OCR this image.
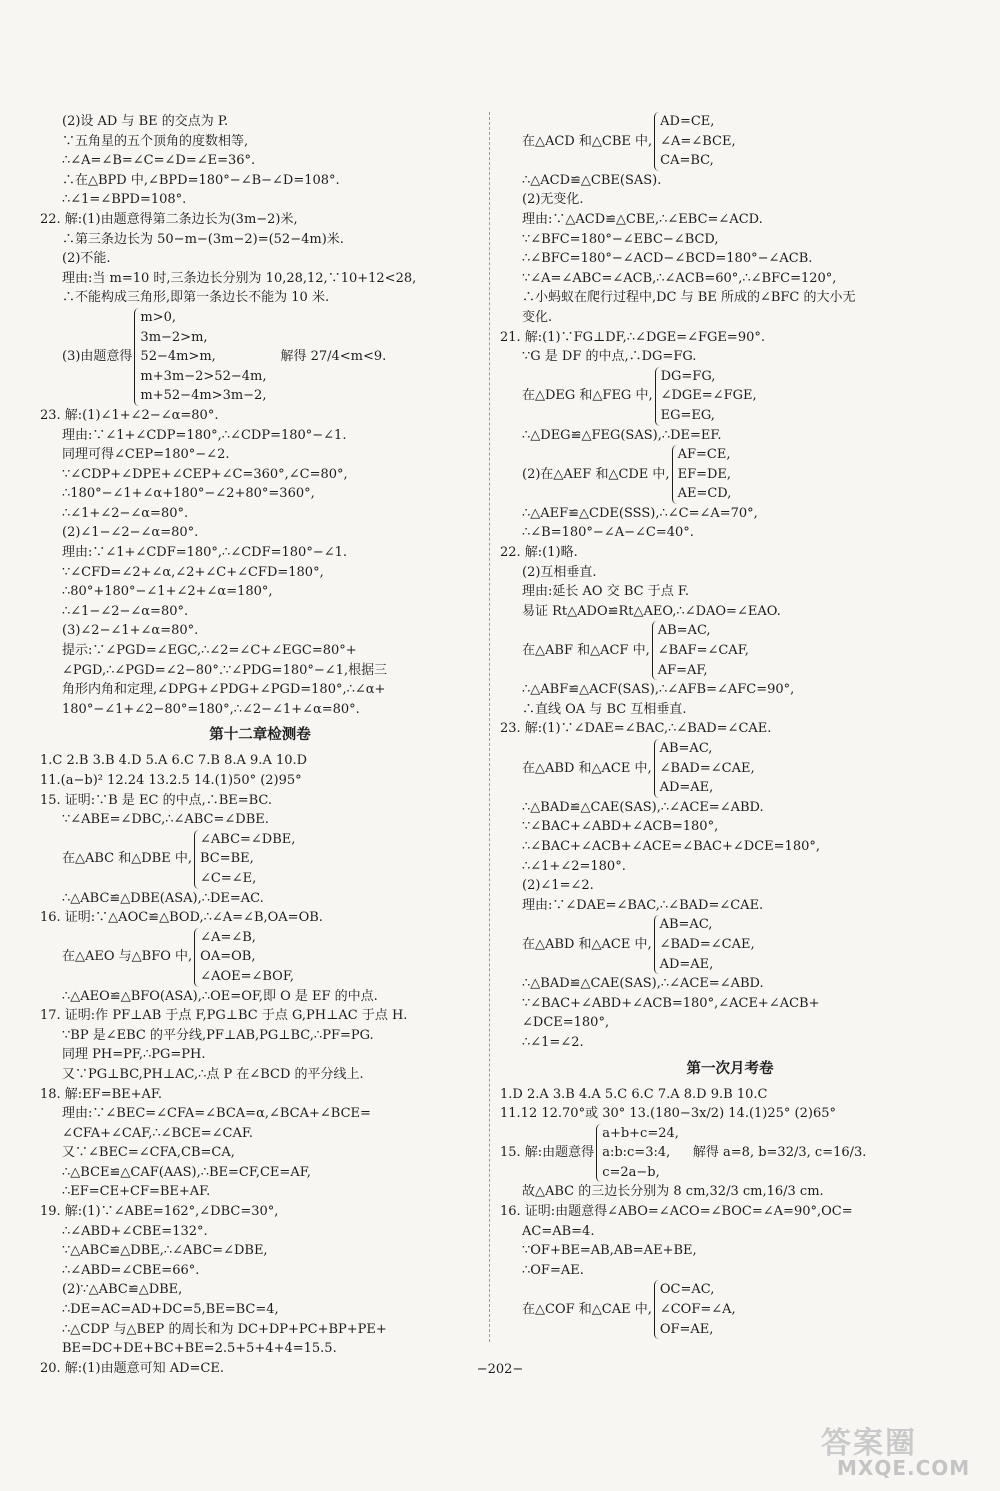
(2)设 AD 与 BE 的交点为 P.
∵五角星的五个顶角的度数相等,
∴∠A=∠B=∠C=∠D=∠E=36°.
∴在△BPD 中,∠BPD=180°−∠B−∠D=108°.
∴∠1=∠BPD=108°.
22. 解:(1)由题意得第二条边长为(3m−2)米,
∴第三条边长为 50−m−(3m−2)=(52−4m)米.
(2)不能.
理由:当 m=10 时,三条边长分别为 10,28,12,∵10+12<28,
∴不能构成三角形,即第一条边长不能为 10 米.
(3)由题意得
m>0,
3m−2>m,
52−4m>m,
m+3m−2>52−4m,
m+52−4m>3m−2,
解得 27/4<m<9.
23. 解:(1)∠1+∠2−∠α=80°.
理由:∵∠1+∠CDP=180°,∴∠CDP=180°−∠1.
同理可得∠CEP=180°−∠2.
∵∠CDP+∠DPE+∠CEP+∠C=360°,∠C=80°,
∴180°−∠1+∠α+180°−∠2+80°=360°,
∴∠1+∠2−∠α=80°.
(2)∠1−∠2−∠α=80°.
理由:∵∠1+∠CDF=180°,∴∠CDF=180°−∠1.
∵∠CFD=∠2+∠α,∠2+∠C+∠CFD=180°,
∴80°+180°−∠1+∠2+∠α=180°,
∴∠1−∠2−∠α=80°.
(3)∠2−∠1+∠α=80°.
提示:∵∠PGD=∠EGC,∴∠2=∠C+∠EGC=80°+
∠PGD,∴∠PGD=∠2−80°.∵∠PDG=180°−∠1,根据三
角形内角和定理,∠DPG+∠PDG+∠PGD=180°,∴∠α+
180°−∠1+∠2−80°=180°,∴∠2−∠1+∠α=80°.
第十二章检测卷
1.C 2.B 3.B 4.D 5.A 6.C 7.B 8.A 9.A 10.D
11.(a−b)² 12.24 13.2.5 14.(1)50° (2)95°
15. 证明:∵B 是 EC 的中点,∴BE=BC.
∵∠ABE=∠DBC,∴∠ABC=∠DBE.
在△ABC 和△DBE 中,
∠ABC=∠DBE,
BC=BE,
∠C=∠E,
∴△ABC≌△DBE(ASA),∴DE=AC.
16. 证明:∵△AOC≌△BOD,∴∠A=∠B,OA=OB.
在△AEO 与△BFO 中,
∠A=∠B,
OA=OB,
∠AOE=∠BOF,
∴△AEO≌△BFO(ASA),∴OE=OF,即 O 是 EF 的中点.
17. 证明:作 PF⊥AB 于点 F,PG⊥BC 于点 G,PH⊥AC 于点 H.
∵BP 是∠EBC 的平分线,PF⊥AB,PG⊥BC,∴PF=PG.
同理 PH=PF,∴PG=PH.
又∵PG⊥BC,PH⊥AC,∴点 P 在∠BCD 的平分线上.
18. 解:EF=BE+AF.
理由:∵∠BEC=∠CFA=∠BCA=α,∠BCA+∠BCE=
∠CFA+∠CAF,∴∠BCE=∠CAF.
又∵∠BEC=∠CFA,CB=CA,
∴△BCE≌△CAF(AAS),∴BE=CF,CE=AF,
∴EF=CE+CF=BE+AF.
19. 解:(1)∵∠ABE=162°,∠DBC=30°,
∴∠ABD+∠CBE=132°.
∵△ABC≌△DBE,∴∠ABC=∠DBE,
∴∠ABD=∠CBE=66°.
(2)∵△ABC≌△DBE,
∴DE=AC=AD+DC=5,BE=BC=4,
∴△CDP 与△BEP 的周长和为 DC+DP+PC+BP+PE+
BE=DC+DE+BC+BE=2.5+5+4+4=15.5.
20. 解:(1)由题意可知 AD=CE.
在△ACD 和△CBE 中,
AD=CE,
∠A=∠BCE,
CA=BC,
∴△ACD≌△CBE(SAS).
(2)无变化.
理由:∵△ACD≌△CBE,∴∠EBC=∠ACD.
∵∠BFC=180°−∠EBC−∠BCD,
∴∠BFC=180°−∠ACD−∠BCD=180°−∠ACB.
∵∠A=∠ABC=∠ACB,∴∠ACB=60°,∴∠BFC=120°,
∴小蚂蚁在爬行过程中,DC 与 BE 所成的∠BFC 的大小无
变化.
21. 解:(1)∵FG⊥DF,∴∠DGE=∠FGE=90°.
∵G 是 DF 的中点,∴DG=FG.
在△DEG 和△FEG 中,
DG=FG,
∠DGE=∠FGE,
EG=EG,
∴△DEG≌△FEG(SAS),∴DE=EF.
(2)在△AEF 和△CDE 中,
AF=CE,
EF=DE,
AE=CD,
∴△AEF≌△CDE(SSS),∴∠C=∠A=70°,
∴∠B=180°−∠A−∠C=40°.
22. 解:(1)略.
(2)互相垂直.
理由:延长 AO 交 BC 于点 F.
易证 Rt△ADO≌Rt△AEO,∴∠DAO=∠EAO.
在△ABF 和△ACF 中,
AB=AC,
∠BAF=∠CAF,
AF=AF,
∴△ABF≌△ACF(SAS),∴∠AFB=∠AFC=90°,
∴直线 OA 与 BC 互相垂直.
23. 解:(1)∵∠DAE=∠BAC,∴∠BAD=∠CAE.
在△ABD 和△ACE 中,
AB=AC,
∠BAD=∠CAE,
AD=AE,
∴△BAD≌△CAE(SAS),∴∠ACE=∠ABD.
∵∠BAC+∠ABD+∠ACB=180°,
∴∠BAC+∠ACB+∠ACE=∠BAC+∠DCE=180°,
∴∠1+∠2=180°.
(2)∠1=∠2.
理由:∵∠DAE=∠BAC,∴∠BAD=∠CAE.
在△ABD 和△ACE 中,
AB=AC,
∠BAD=∠CAE,
AD=AE,
∴△BAD≌△CAE(SAS),∴∠ACE=∠ABD.
∵∠BAC+∠ABD+∠ACB=180°,∠ACE+∠ACB+
∠DCE=180°,
∴∠1=∠2.
第一次月考卷
1.D 2.A 3.B 4.A 5.C 6.C 7.A 8.D 9.B 10.C
11.12 12.70°或 30° 13.(180−3x/2) 14.(1)25° (2)65°
15. 解:由题意得
a+b+c=24,
a:b:c=3:4,
c=2a−b,
解得 a=8, b=32/3, c=16/3.
故△ABC 的三边长分别为 8 cm,32/3 cm,16/3 cm.
16. 证明:由题意得∠ABO=∠ACO=∠BOC=∠A=90°,OC=
AC=AB=4.
∵OF+BE=AB,AB=AE+BE,
∴OF=AE.
在△COF 和△CAE 中,
OC=AC,
∠COF=∠A,
OF=AE,
−202−
答案圈
MXQE.COM
